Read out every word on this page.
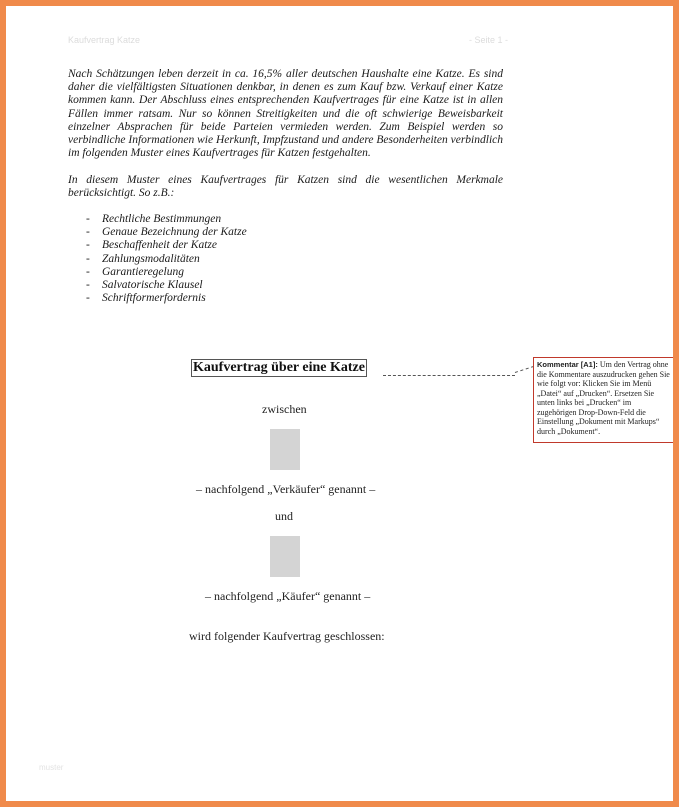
Kaufvertrag Katze	- Seite 1 -

Nach Schätzungen leben derzeit in ca. 16,5% aller deutschen Haushalte eine Katze. Es sind daher die vielfältigsten Situationen denkbar, in denen es zum Kauf bzw. Verkauf einer Katze kommen kann. Der Abschluss eines entsprechenden Kaufvertrages für eine Katze ist in allen Fällen immer ratsam. Nur so können Streitigkeiten und die oft schwierige Beweisbarkeit einzelner Absprachen für beide Parteien vermieden werden. Zum Beispiel werden so verbindliche Informationen wie Herkunft, Impfzustand und andere Besonderheiten verbindlich im folgenden Muster eines Kaufvertrages für Katzen festgehalten.

In diesem Muster eines Kaufvertrages für Katzen sind die wesentlichen Merkmale berücksichtigt. So z.B.:

- Rechtliche Bestimmungen
- Genaue Bezeichnung der Katze
- Beschaffenheit der Katze
- Zahlungsmodalitäten
- Garantieregelung
- Salvatorische Klausel
- Schriftformerfordernis
Kaufvertrag über eine Katze
zwischen
– nachfolgend „Verkäufer“ genannt –
und
– nachfolgend „Käufer“ genannt –
wird folgender Kaufvertrag geschlossen:
Kommentar [A1]: Um den Vertrag ohne die Kommentare auszudrucken gehen Sie wie folgt vor: Klicken Sie im Menü „Datei“ auf „Drucken“. Ersetzen Sie unten links bei „Drucken“ im zugehörigen Drop-Down-Feld die Einstellung „Dokument mit Markups“ durch „Dokument“.
muster
